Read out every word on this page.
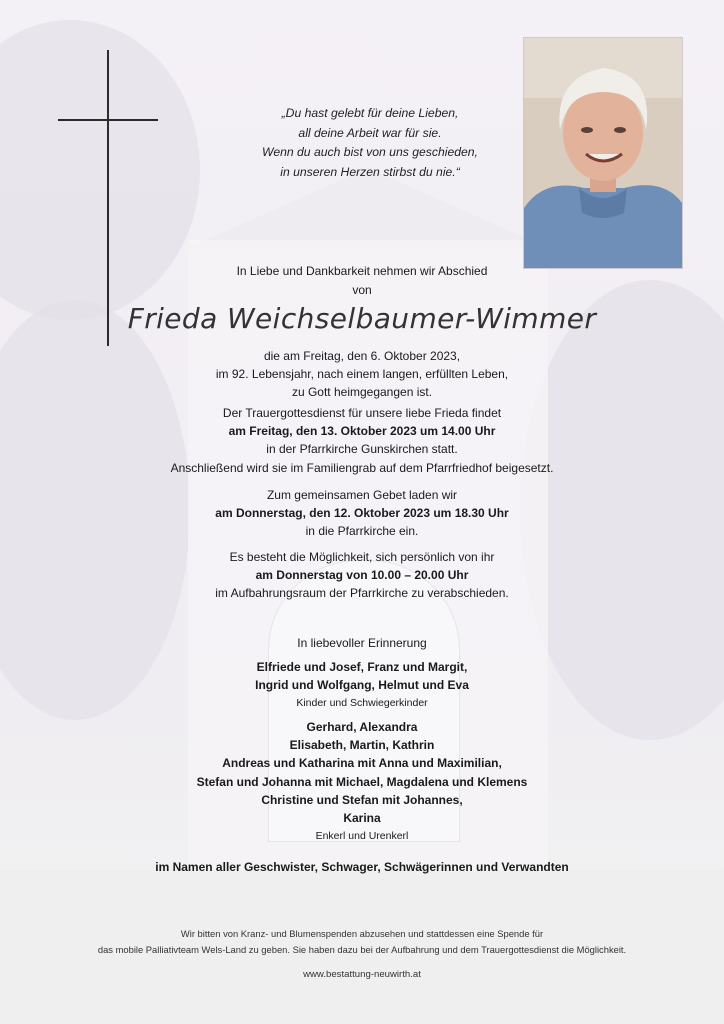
„Du hast gelebt für deine Lieben,
all deine Arbeit war für sie.
Wenn du auch bist von uns geschieden,
in unseren Herzen stirbst du nie.“
In Liebe und Dankbarkeit nehmen wir Abschied
von
Frieda Weichselbaumer-Wimmer
die am Freitag, den 6. Oktober 2023,
im 92. Lebensjahr, nach einem langen, erfüllten Leben,
zu Gott heimgegangen ist.
Der Trauergottesdienst für unsere liebe Frieda findet
am Freitag, den 13. Oktober 2023 um 14.00 Uhr
in der Pfarrkirche Gunskirchen statt.
Anschließend wird sie im Familiengrab auf dem Pfarrfriedhof beigesetzt.
Zum gemeinsamen Gebet laden wir
am Donnerstag, den 12. Oktober 2023 um 18.30 Uhr
in die Pfarrkirche ein.
Es besteht die Möglichkeit, sich persönlich von ihr
am Donnerstag von 10.00 – 20.00 Uhr
im Aufbahrungsraum der Pfarrkirche zu verabschieden.
In liebevoller Erinnerung
Elfriede und Josef, Franz und Margit,
Ingrid und Wolfgang, Helmut und Eva
Kinder und Schwiegerkinder
Gerhard, Alexandra
Elisabeth, Martin, Kathrin
Andreas und Katharina mit Anna und Maximilian,
Stefan und Johanna mit Michael, Magdalena und Klemens
Christine und Stefan mit Johannes,
Karina
Enkerl und Urenkerl
im Namen aller Geschwister, Schwager, Schwägerinnen und Verwandten
Wir bitten von Kranz- und Blumenspenden abzusehen und stattdessen eine Spende für
das mobile Palliativteam Wels-Land zu geben. Sie haben dazu bei der Aufbahrung und dem Trauergottesdienst die Möglichkeit.
www.bestattung-neuwirth.at
